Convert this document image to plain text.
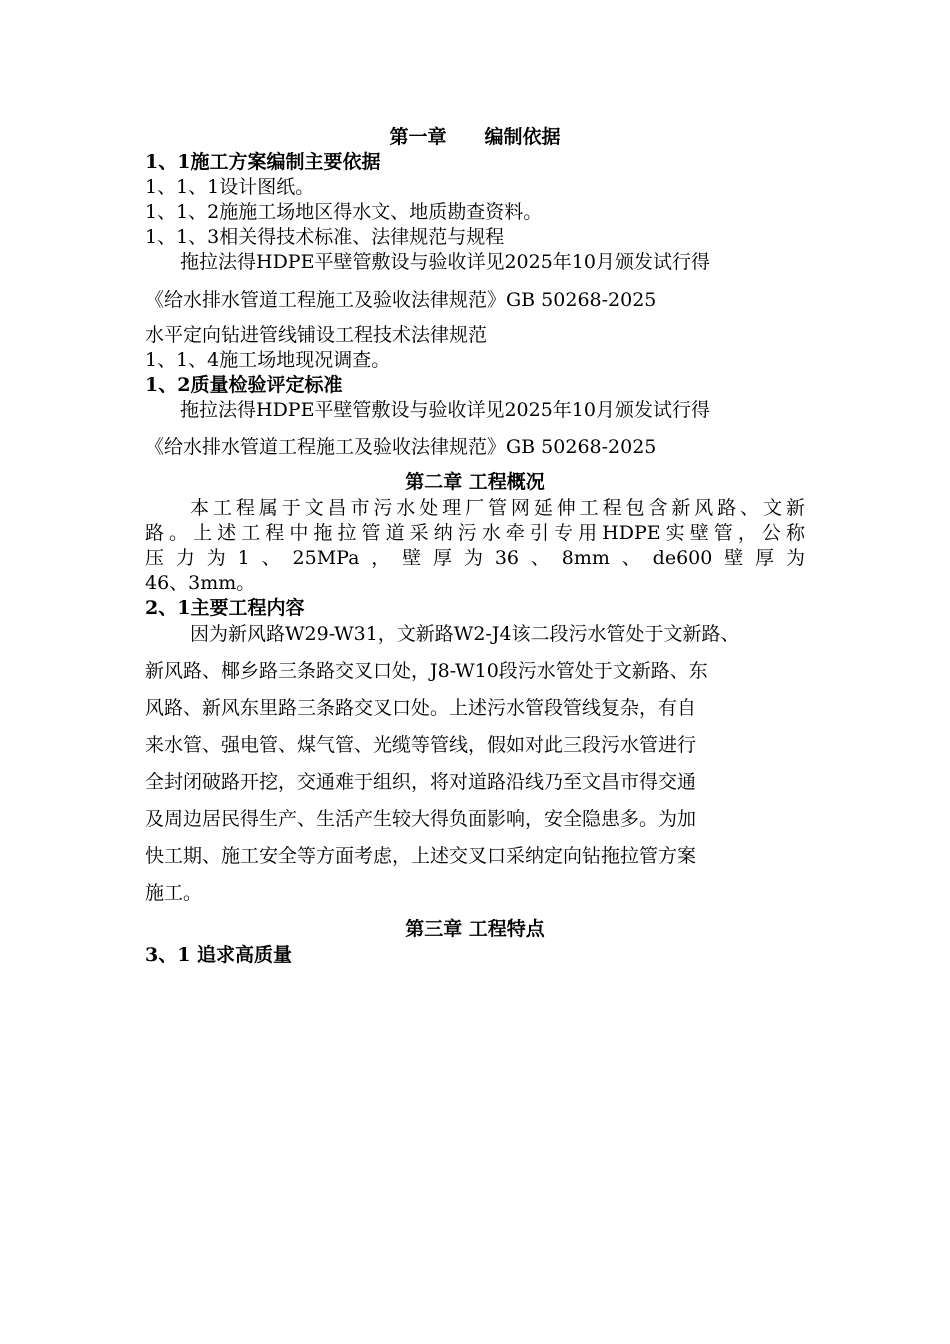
第一章　　编制依据
1、1施工方案编制主要依据
1、1、1设计图纸。
1、1、2施施工场地区得水文、地质勘查资料。
1、1、3相关得技术标准、法律规范与规程
拖拉法得HDPE平壁管敷设与验收详见2025年10月颁发试行得
《给水排水管道工程施工及验收法律规范》GB 50268-2025
水平定向钻进管线铺设工程技术法律规范
1、1、4施工场地现况调查。
1、2质量检验评定标准
拖拉法得HDPE平壁管敷设与验收详见2025年10月颁发试行得
《给水排水管道工程施工及验收法律规范》GB 50268-2025
第二章 工程概况
本工程属于文昌市污水处理厂管网延伸工程包含新风路、文新
路。上述工程中拖拉管道采纳污水牵引专用HDPE实壁管，公称
压力为1、25MPa，壁厚为36、8mm、de600壁厚为
46、3mm。
2、1主要工程内容
因为新风路W29-W31，文新路W2-J4该二段污水管处于文新路、
新风路、椰乡路三条路交叉口处，J8-W10段污水管处于文新路、东
风路、新风东里路三条路交叉口处。上述污水管段管线复杂，有自
来水管、强电管、煤气管、光缆等管线，假如对此三段污水管进行
全封闭破路开挖，交通难于组织，将对道路沿线乃至文昌市得交通
及周边居民得生产、生活产生较大得负面影响，安全隐患多。为加
快工期、施工安全等方面考虑，上述交叉口采纳定向钻拖拉管方案
施工。
第三章 工程特点
3、1 追求高质量
